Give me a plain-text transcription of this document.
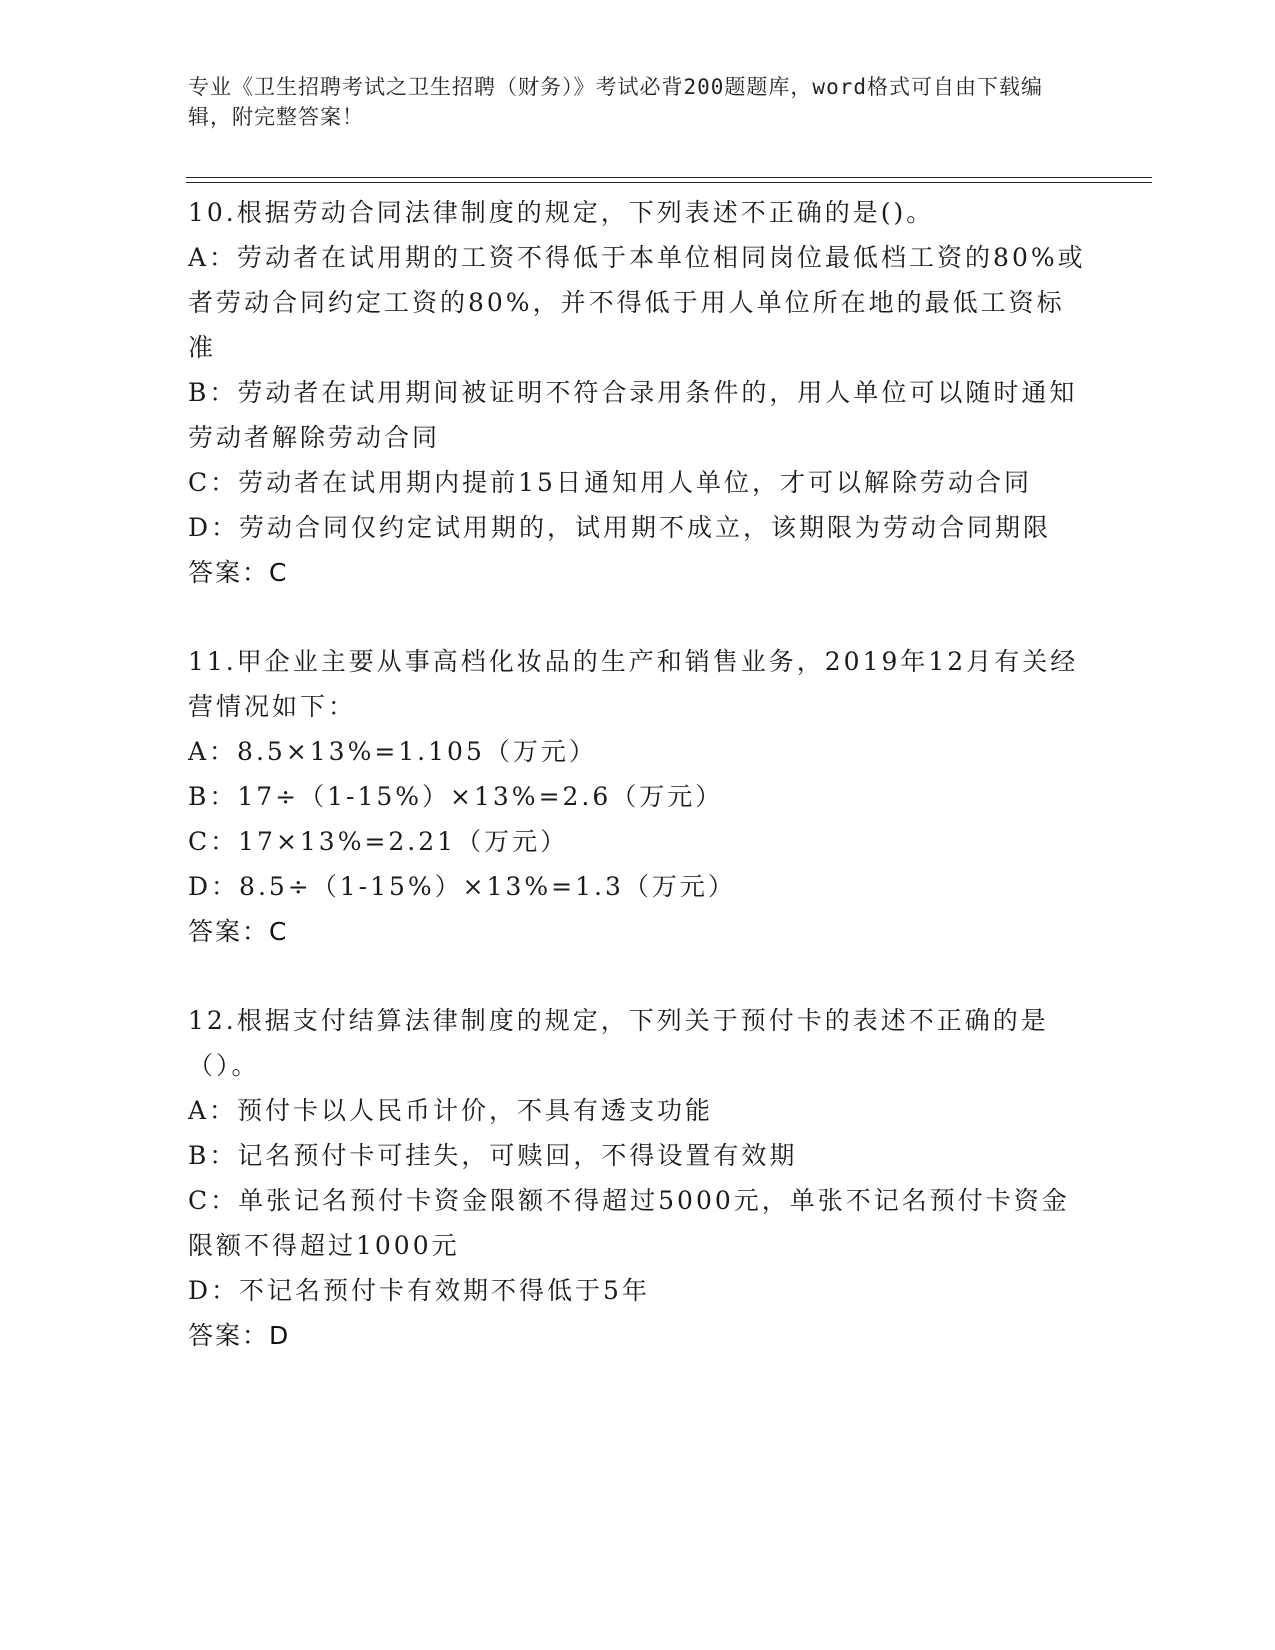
专业《卫生招聘考试之卫生招聘（财务）》考试必背200题题库，word格式可自由下载编辑，附完整答案！
10.根据劳动合同法律制度的规定，下列表述不正确的是()。
A：劳动者在试用期的工资不得低于本单位相同岗位最低档工资的80%或者劳动合同约定工资的80%，并不得低于用人单位所在地的最低工资标准
B：劳动者在试用期间被证明不符合录用条件的，用人单位可以随时通知劳动者解除劳动合同
C：劳动者在试用期内提前15日通知用人单位，才可以解除劳动合同
D：劳动合同仅约定试用期的，试用期不成立，该期限为劳动合同期限
答案：C
11.甲企业主要从事高档化妆品的生产和销售业务，2019年12月有关经营情况如下：
A：8.5×13%=1.105（万元）
B：17÷（1-15%）×13%=2.6（万元）
C：17×13%=2.21（万元）
D：8.5÷（1-15%）×13%=1.3（万元）
答案：C
12.根据支付结算法律制度的规定，下列关于预付卡的表述不正确的是（）。
A：预付卡以人民币计价，不具有透支功能
B：记名预付卡可挂失，可赎回，不得设置有效期
C：单张记名预付卡资金限额不得超过5000元，单张不记名预付卡资金限额不得超过1000元
D：不记名预付卡有效期不得低于5年
答案：D
